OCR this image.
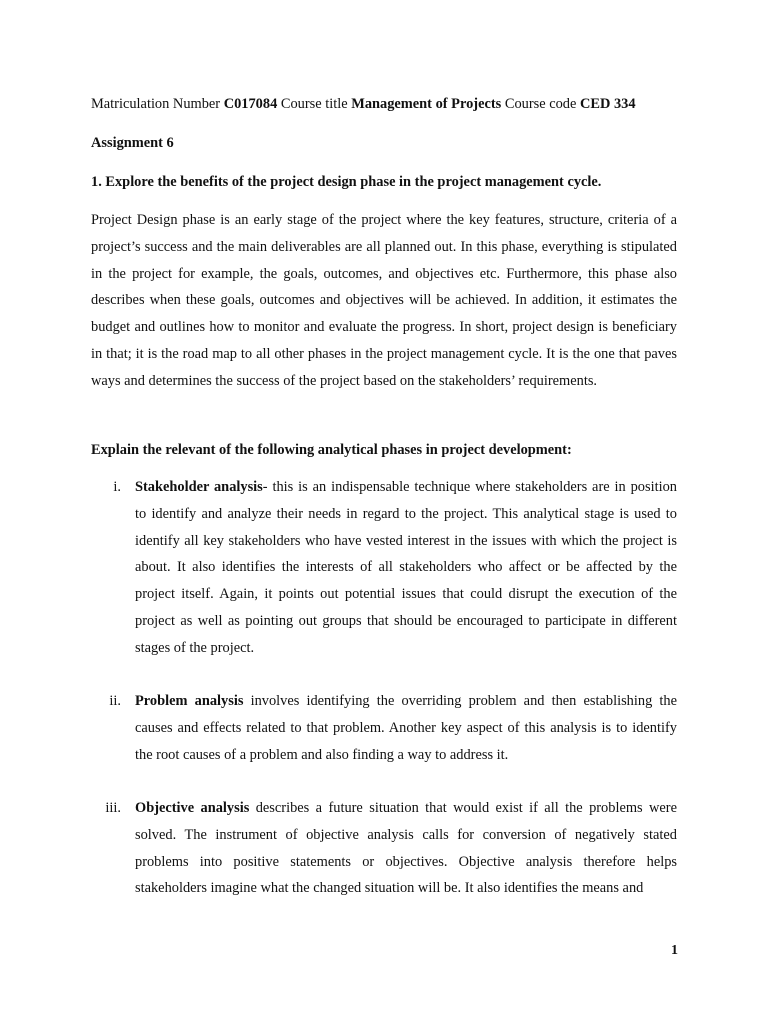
Matriculation Number C017084 Course title Management of Projects Course code CED 334
Assignment 6
1. Explore the benefits of the project design phase in the project management cycle.

Project Design phase is an early stage of the project where the key features, structure, criteria of a project’s success and the main deliverables are all planned out. In this phase, everything is stipulated in the project for example, the goals, outcomes, and objectives etc. Furthermore, this phase also describes when these goals, outcomes and objectives will be achieved. In addition, it estimates the budget and outlines how to monitor and evaluate the progress. In short, project design is beneficiary in that; it is the road map to all other phases in the project management cycle. It is the one that paves ways and determines the success of the project based on the stakeholders’ requirements.

Explain the relevant of the following analytical phases in project development:
i. Stakeholder analysis- this is an indispensable technique where stakeholders are in position to identify and analyze their needs in regard to the project. This analytical stage is used to identify all key stakeholders who have vested interest in the issues with which the project is about. It also identifies the interests of all stakeholders who affect or be affected by the project itself. Again, it points out potential issues that could disrupt the execution of the project as well as pointing out groups that should be encouraged to participate in different stages of the project.

ii. Problem analysis involves identifying the overriding problem and then establishing the causes and effects related to that problem. Another key aspect of this analysis is to identify the root causes of a problem and also finding a way to address it.

iii. Objective analysis describes a future situation that would exist if all the problems were solved. The instrument of objective analysis calls for conversion of negatively stated problems into positive statements or objectives. Objective analysis therefore helps stakeholders imagine what the changed situation will be. It also identifies the means and

1
